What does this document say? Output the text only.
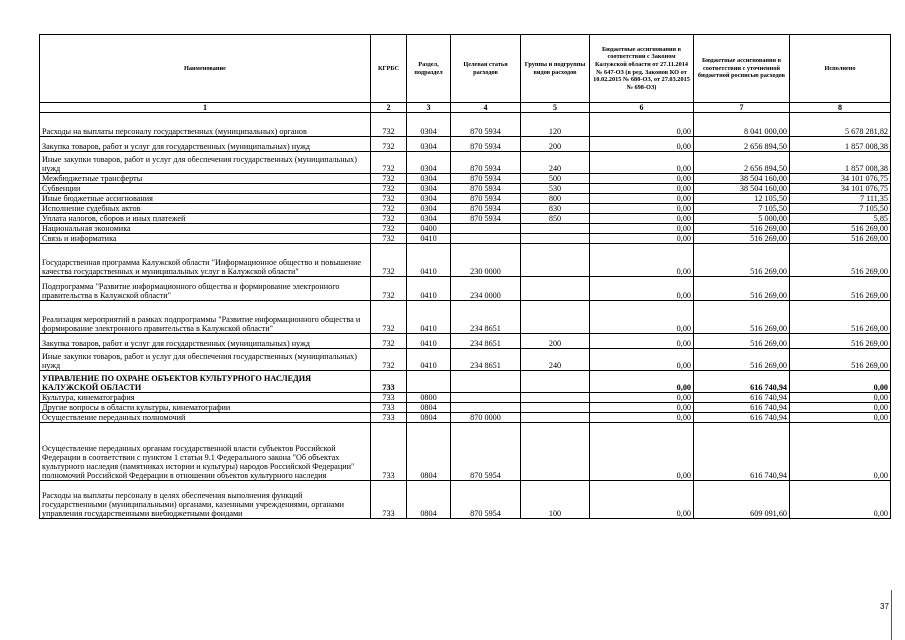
Наименование	КГРБС	Раздел, подраздел	Целевая статья расходов	Группы и подгруппы видов расходов	Бюджетные ассигнования в соответствии с Законом Калужской области от 27.11.2014 № 647-ОЗ (в ред. Законов КО от 10.02.2015 № 680-ОЗ, от 27.03.2015 № 698-ОЗ)	Бюджетные ассигнования в соответствии с уточненной бюджетной росписью расходов	Исполнено
1	2	3	4	5	6	7	8
Расходы на выплаты персоналу государственных (муниципальных) органов	732	0304	870 5934	120	0,00	8 041 000,00	5 678 281,82
Закупка товаров, работ и услуг для государственных (муниципальных) нужд	732	0304	870 5934	200	0,00	2 656 894,50	1 857 008,38
Иные закупки товаров, работ и услуг для обеспечения государственных (муниципальных) нужд	732	0304	870 5934	240	0,00	2 656 894,50	1 857 008,38
Межбюджетные трансферты	732	0304	870 5934	500	0,00	38 504 160,00	34 101 076,75
Субвенции	732	0304	870 5934	530	0,00	38 504 160,00	34 101 076,75
Иные бюджетные ассигнования	732	0304	870 5934	800	0,00	12 105,50	7 111,35
Исполнение судебных актов	732	0304	870 5934	830	0,00	7 105,50	7 105,50
Уплата налогов, сборов и иных платежей	732	0304	870 5934	850	0,00	5 000,00	5,85
Национальная экономика	732	0400			0,00	516 269,00	516 269,00
Связь и информатика	732	0410			0,00	516 269,00	516 269,00
Государственная программа Калужской области "Информационное общество и повышение качества государственных и муниципальных услуг в Калужской области"	732	0410	230 0000		0,00	516 269,00	516 269,00
Подпрограмма "Развитие информационного общества и формирование электронного правительства в Калужской области"	732	0410	234 0000		0,00	516 269,00	516 269,00
Реализация мероприятий в рамках подпрограммы "Развитие информационного общества и формирование электронного правительства в Калужской области"	732	0410	234 8651		0,00	516 269,00	516 269,00
Закупка товаров, работ и услуг для государственных (муниципальных) нужд	732	0410	234 8651	200	0,00	516 269,00	516 269,00
Иные закупки товаров, работ и услуг для обеспечения государственных (муниципальных) нужд	732	0410	234 8651	240	0,00	516 269,00	516 269,00
УПРАВЛЕНИЕ ПО ОХРАНЕ ОБЪЕКТОВ КУЛЬТУРНОГО НАСЛЕДИЯ КАЛУЖСКОЙ ОБЛАСТИ	733				0,00	616 740,94	0,00
Культура, кинематография	733	0800			0,00	616 740,94	0,00
Другие вопросы в области культуры, кинематографии	733	0804			0,00	616 740,94	0,00
Осуществление переданных полномочий	733	0804	870 0000		0,00	616 740,94	0,00
Осуществление переданных органам государственной власти субъектов Российской Федерации в соответствии с пунктом 1 статьи 9.1 Федерального закона "Об объектах культурного наследия (памятниках истории и культуры) народов Российской Федерации" полномочий Российской Федерации в отношении объектов культурного наследия	733	0804	870 5954		0,00	616 740,94	0,00
Расходы на выплаты персоналу в целях обеспечения выполнения функций государственными (муниципальными) органами, казенными учреждениями, органами управления государственными внебюджетными фондами	733	0804	870 5954	100	0,00	609 091,60	0,00
37
